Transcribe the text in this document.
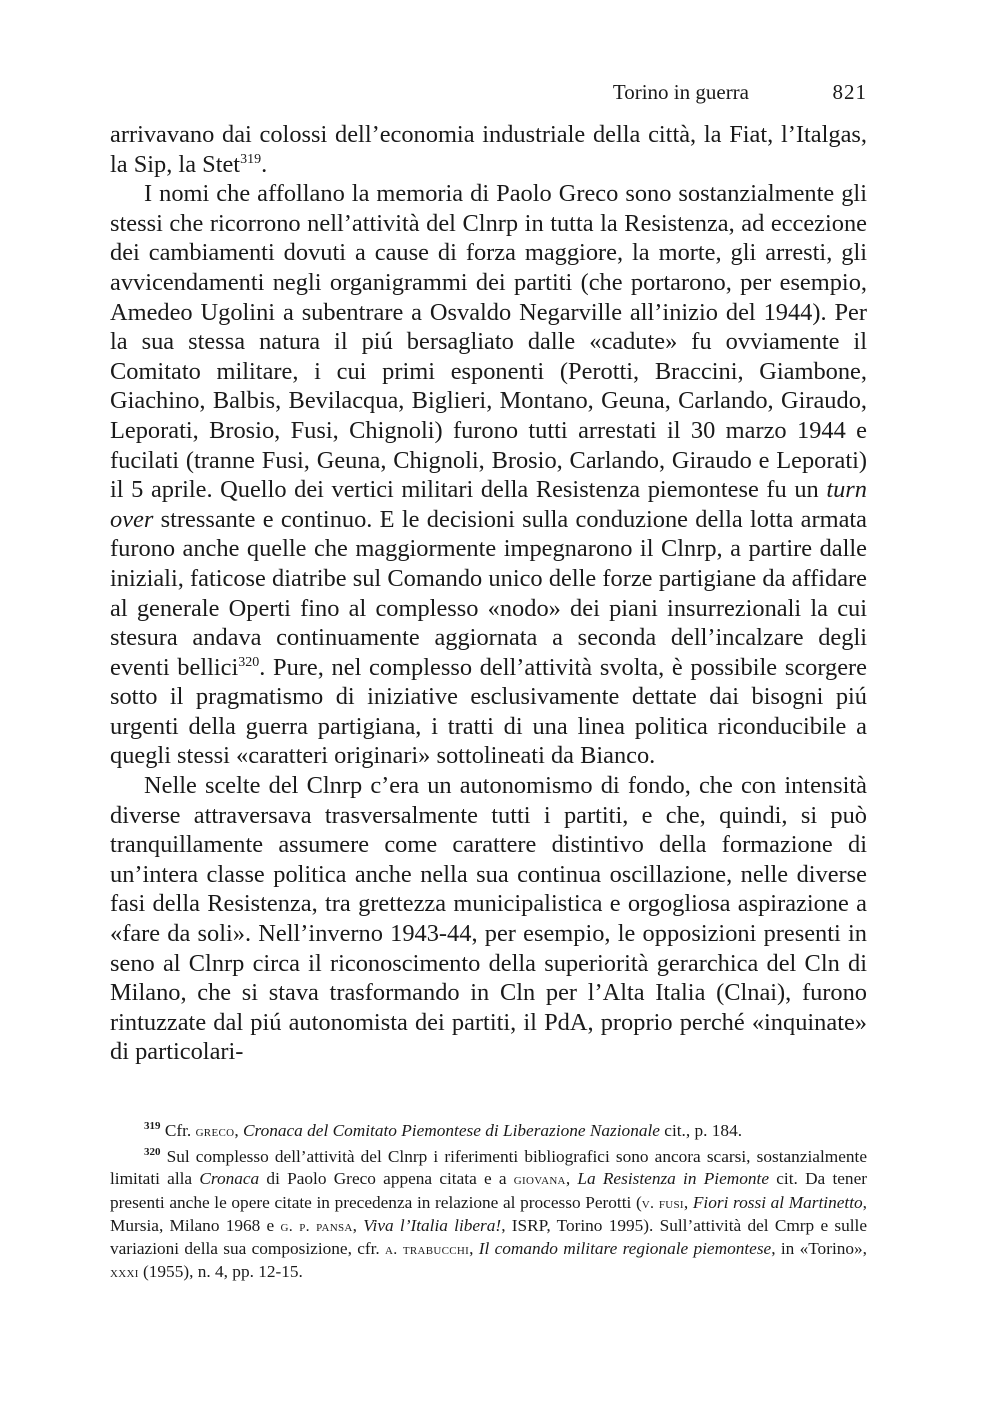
Torino in guerra	821

arrivavano dai colossi dell’economia industriale della città, la Fiat, l’Italgas, la Sip, la Stet$^{319}$.

I nomi che affollano la memoria di Paolo Greco sono sostanzialmente gli stessi che ricorrono nell’attività del Clnrp in tutta la Resistenza, ad eccezione dei cambiamenti dovuti a cause di forza maggiore, la morte, gli arresti, gli avvicendamenti negli organigrammi dei partiti (che portarono, per esempio, Amedeo Ugolini a subentrare a Osvaldo Negarville all’inizio del 1944). Per la sua stessa natura il piú bersagliato dalle «cadute» fu ovviamente il Comitato militare, i cui primi esponenti (Perotti, Braccini, Giambone, Giachino, Balbis, Bevilacqua, Biglieri, Montano, Geuna, Carlando, Giraudo, Leporati, Brosio, Fusi, Chignoli) furono tutti arrestati il 30 marzo 1944 e fucilati (tranne Fusi, Geuna, Chignoli, Brosio, Carlando, Giraudo e Leporati) il 5 aprile. Quello dei vertici militari della Resistenza piemontese fu un turn over stressante e continuo. E le decisioni sulla conduzione della lotta armata furono anche quelle che maggiormente impegnarono il Clnrp, a partire dalle iniziali, faticose diatribe sul Comando unico delle forze partigiane da affidare al generale Operti fino al complesso «nodo» dei piani insurrezionali la cui stesura andava continuamente aggiornata a seconda dell’incalzare degli eventi bellici$^{320}$. Pure, nel complesso dell’attività svolta, è possibile scorgere sotto il pragmatismo di iniziative esclusivamente dettate dai bisogni piú urgenti della guerra partigiana, i tratti di una linea politica riconducibile a quegli stessi «caratteri originari» sottolineati da Bianco.

Nelle scelte del Clnrp c’era un autonomismo di fondo, che con intensità diverse attraversava trasversalmente tutti i partiti, e che, quindi, si può tranquillamente assumere come carattere distintivo della formazione di un’intera classe politica anche nella sua continua oscillazione, nelle diverse fasi della Resistenza, tra grettezza municipalistica e orgogliosa aspirazione a «fare da soli». Nell’inverno 1943-44, per esempio, le opposizioni presenti in seno al Clnrp circa il riconoscimento della superiorità gerarchica del Cln di Milano, che si stava trasformando in Cln per l’Alta Italia (Clnai), furono rintuzzate dal piú autonomista dei partiti, il PdA, proprio perché «inquinate» di particolari-

$^{319}$ Cfr. greco, Cronaca del Comitato Piemontese di Liberazione Nazionale cit., p. 184.

$^{320}$ Sul complesso dell’attività del Clnrp i riferimenti bibliografici sono ancora scarsi, sostanzialmente limitati alla Cronaca di Paolo Greco appena citata e a giovana, La Resistenza in Piemonte cit. Da tener presenti anche le opere citate in precedenza in relazione al processo Perotti (v. fusi, Fiori rossi al Martinetto, Mursia, Milano 1968 e g. p. pansa, Viva l’Italia libera!, ISRP, Torino 1995). Sull’attività del Cmrp e sulle variazioni della sua composizione, cfr. a. trabucchi, Il comando militare regionale piemontese, in «Torino», xxxi (1955), n. 4, pp. 12-15.
